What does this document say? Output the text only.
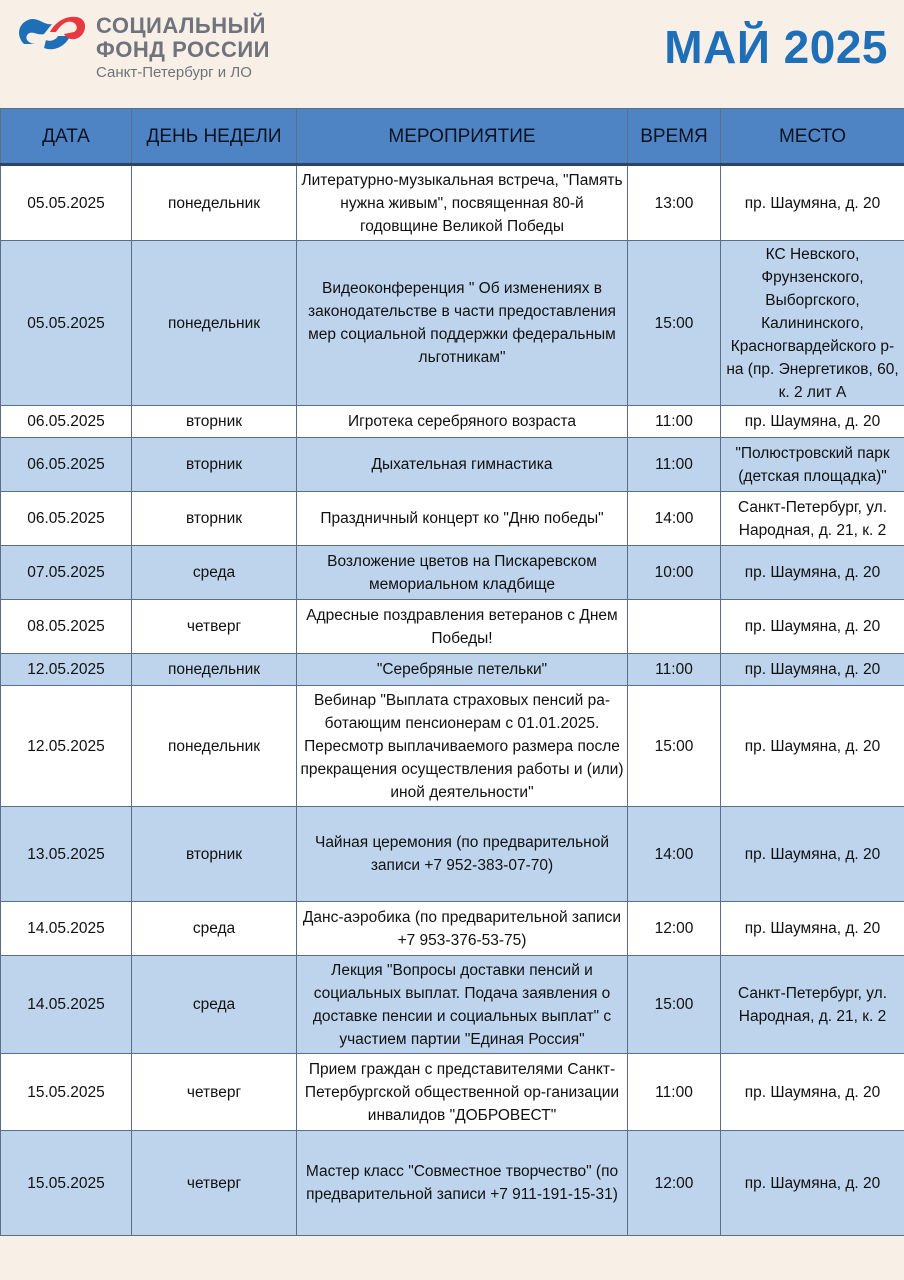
СОЦИАЛЬНЫЙ
ФОНД РОССИИ
Санкт-Петербург и ЛО	МАЙ 2025
ДАТА	ДЕНЬ НЕДЕЛИ	МЕРОПРИЯТИЕ	ВРЕМЯ	МЕСТО
05.05.2025	понедельник	Литературно-музыкальная встреча, "Память нужна живым", посвященная 80-й годовщине Великой Победы	13:00	пр. Шаумяна, д. 20
05.05.2025	понедельник	Видеоконференция " Об изменениях в законодательстве в части предоставления мер социальной поддержки федеральным льготникам"	15:00	КС Невского, Фрунзенского, Выборгского, Калининского, Красногвардейского р-на (пр. Энергетиков, 60, к. 2 лит А
06.05.2025	вторник	Игротека серебряного возраста	11:00	пр. Шаумяна, д. 20
06.05.2025	вторник	Дыхательная гимнастика	11:00	"Полюстровский парк (детская площадка)"
06.05.2025	вторник	Праздничный концерт ко "Дню победы"	14:00	Санкт-Петербург, ул. Народная, д. 21, к. 2
07.05.2025	среда	Возложение цветов на Пискаревском мемориальном кладбище	10:00	пр. Шаумяна, д. 20
08.05.2025	четверг	Адресные поздравления ветеранов с Днем Победы!		пр. Шаумяна, д. 20
12.05.2025	понедельник	"Серебряные петельки"	11:00	пр. Шаумяна, д. 20
12.05.2025	понедельник	Вебинар "Выплата страховых пенсий ра-ботающим пенсионерам с 01.01.2025. Пересмотр выплачиваемого размера после прекращения осуществления работы и (или) иной деятельности"	15:00	пр. Шаумяна, д. 20
13.05.2025	вторник	Чайная церемония (по предварительной записи +7 952-383-07-70)	14:00	пр. Шаумяна, д. 20
14.05.2025	среда	Данс-аэробика (по предварительной записи +7 953-376-53-75)	12:00	пр. Шаумяна, д. 20
14.05.2025	среда	Лекция "Вопросы доставки пенсий и социальных выплат. Подача заявления о доставке пенсии и социальных выплат" с участием партии "Единая Россия"	15:00	Санкт-Петербург, ул. Народная, д. 21, к. 2
15.05.2025	четверг	Прием граждан с представителями Санкт-Петербургской общественной ор-ганизации инвалидов "ДОБРОВЕСТ"	11:00	пр. Шаумяна, д. 20
15.05.2025	четверг	Мастер класс "Совместное творчество" (по предварительной записи +7 911-191-15-31)	12:00	пр. Шаумяна, д. 20
